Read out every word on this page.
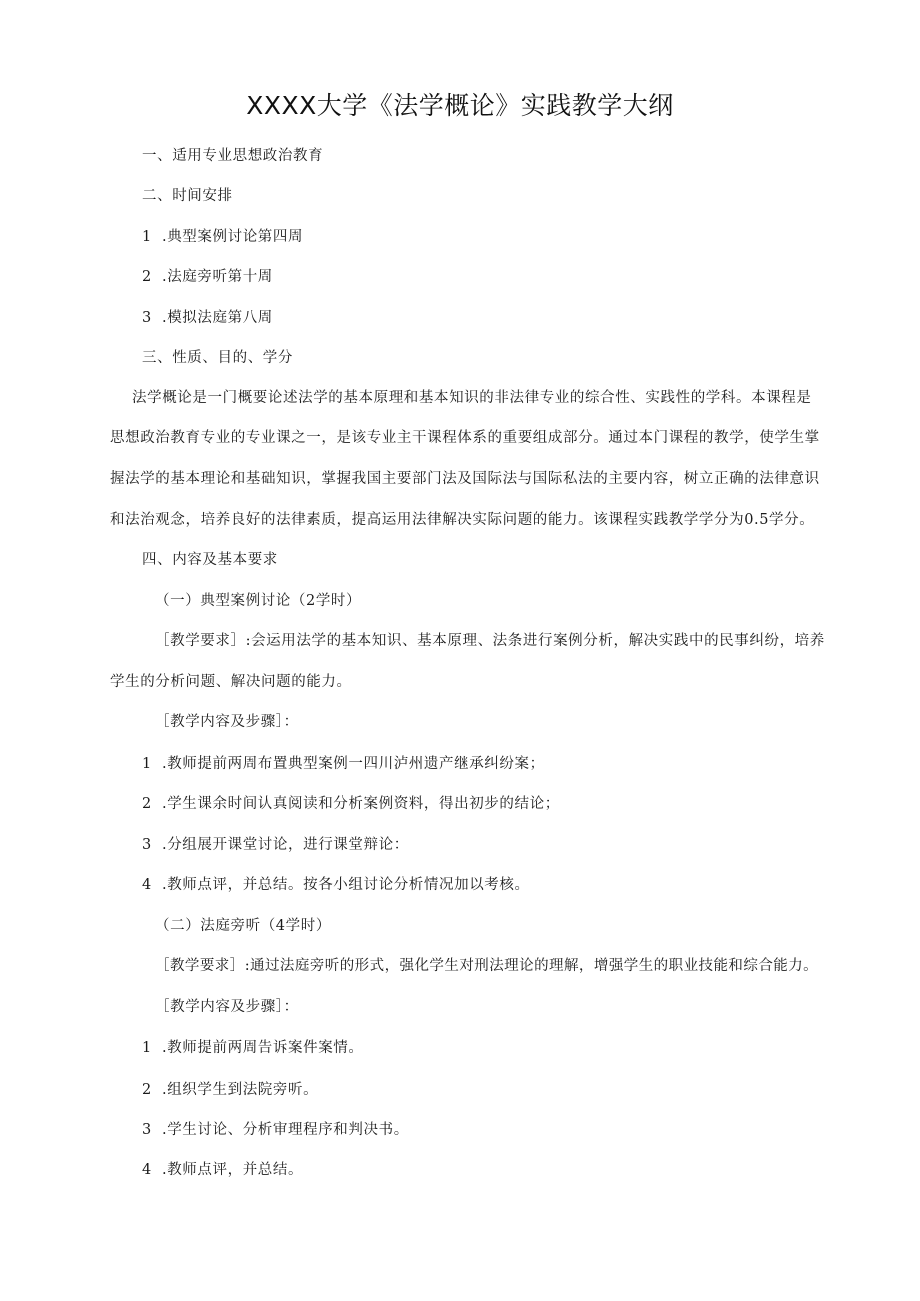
XXXX大学《法学概论》实践教学大纲
一、适用专业思想政治教育
二、时间安排
1 .典型案例讨论第四周
2 .法庭旁听第十周
3 .模拟法庭第八周
三、性质、目的、学分
法学概论是一门概要论述法学的基本原理和基本知识的非法律专业的综合性、实践性的学科。本课程是
思想政治教育专业的专业课之一，是该专业主干课程体系的重要组成部分。通过本门课程的教学，使学生掌
握法学的基本理论和基础知识，掌握我国主要部门法及国际法与国际私法的主要内容，树立正确的法律意识
和法治观念，培养良好的法律素质，提高运用法律解决实际问题的能力。该课程实践教学学分为0.5学分。
四、内容及基本要求
（一）典型案例讨论（2学时）
［教学要求］:会运用法学的基本知识、基本原理、法条进行案例分析，解决实践中的民事纠纷，培养
学生的分析问题、解决问题的能力。
［教学内容及步骤］：
1 .教师提前两周布置典型案例一四川泸州遗产继承纠纷案；
2 .学生课余时间认真阅读和分析案例资料，得出初步的结论；
3 .分组展开课堂讨论，进行课堂辩论：
4 .教师点评，并总结。按各小组讨论分析情况加以考核。
（二）法庭旁听（4学时）
［教学要求］:通过法庭旁听的形式，强化学生对刑法理论的理解，增强学生的职业技能和综合能力。
［教学内容及步骤］：
1 .教师提前两周告诉案件案情。
2 .组织学生到法院旁听。
3 .学生讨论、分析审理程序和判决书。
4 .教师点评，并总结。
